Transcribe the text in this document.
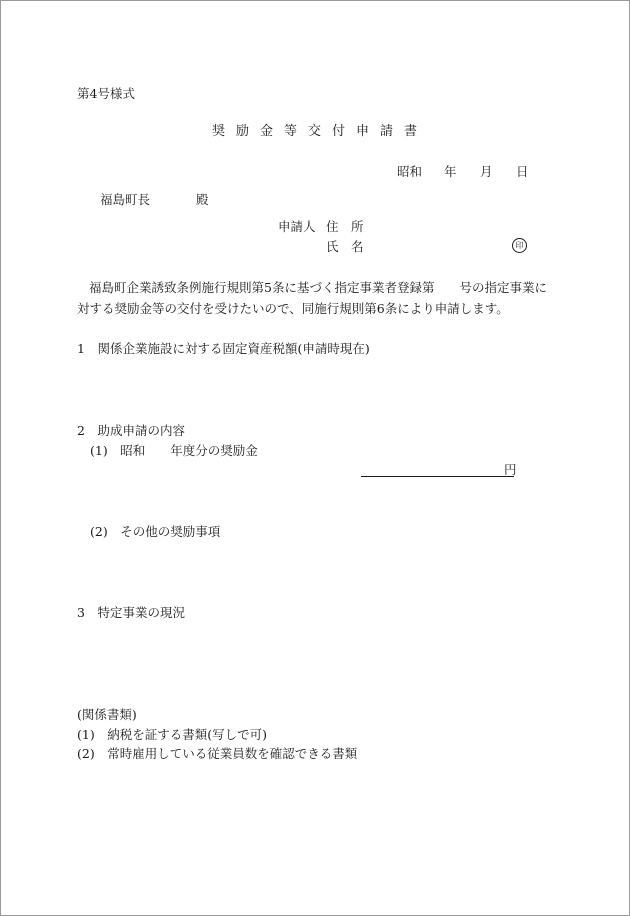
第4号様式
奨励金等交付申請書
昭和 年 月 日
福島町長	殿
申請人 住　所
氏　名	印
福島町企業誘致条例施行規則第5条に基づく指定事業者登録第　　号の指定事業に対する奨励金等の交付を受けたいので、同施行規則第6条により申請します。
1　関係企業施設に対する固定資産税額(申請時現在)
2　助成申請の内容
(1)　昭和　　年度分の奨励金
円
(2)　その他の奨励事項
3　特定事業の現況
(関係書類)
(1)　納税を証する書類(写しで可)
(2)　常時雇用している従業員数を確認できる書類
